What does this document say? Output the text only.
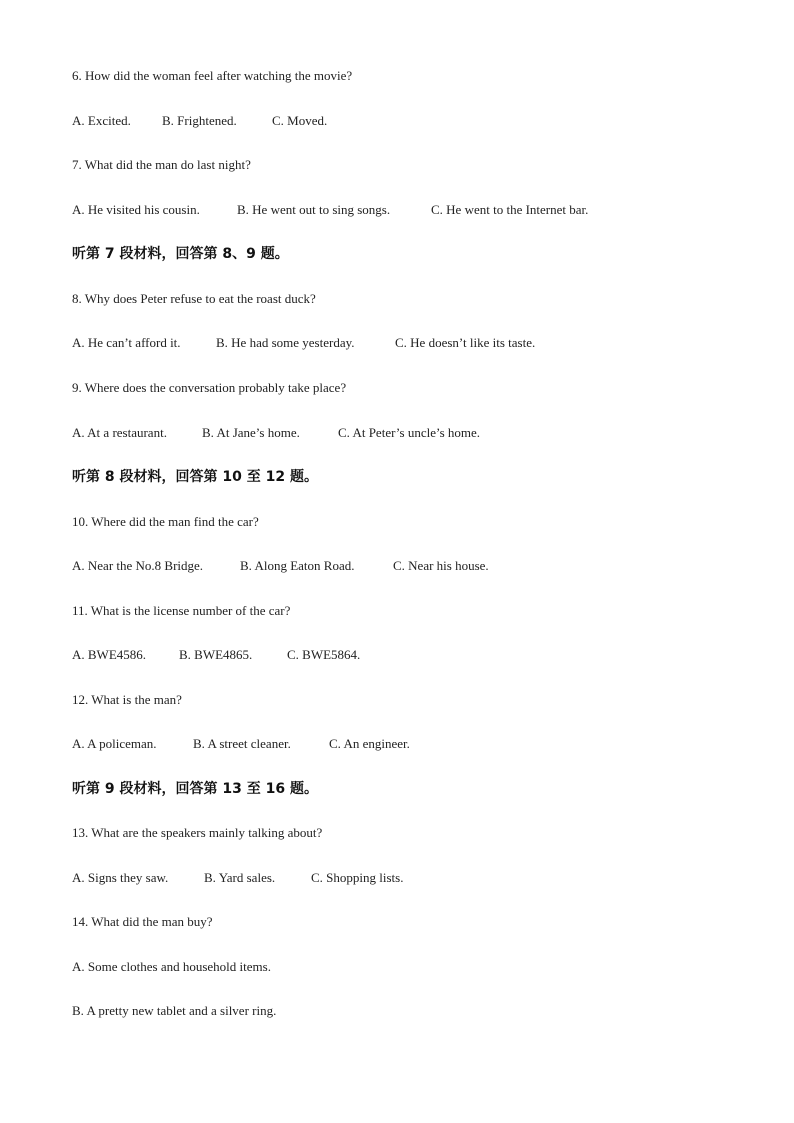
6. How did the woman feel after watching the movie?
A. Excited. B. Frightened.	C. Moved.
7. What did the man do last night?
A. He visited his cousin.	B. He went out to sing songs.	C. He went to the Internet bar.
听第 7 段材料，回答第 8、9 题。
8. Why does Peter refuse to eat the roast duck?
A. He can’t afford it.	B. He had some yesterday.	C. He doesn’t like its taste.
9. Where does the conversation probably take place?
A. At a restaurant.	B. At Jane’s home.	C. At Peter’s uncle’s home.
听第 8 段材料，回答第 10 至 12 题。
10. Where did the man find the car?
A. Near the No.8 Bridge.	B. Along Eaton Road.	C. Near his house.
11. What is the license number of the car?
A. BWE4586.	B. BWE4865.	C. BWE5864.
12. What is the man?
A. A policeman.	B. A street cleaner.	C. An engineer.
听第 9 段材料，回答第 13 至 16 题。
13. What are the speakers mainly talking about?
A. Signs they saw.	B. Yard sales.	C. Shopping lists.
14. What did the man buy?
A. Some clothes and household items.
B. A pretty new tablet and a silver ring.
